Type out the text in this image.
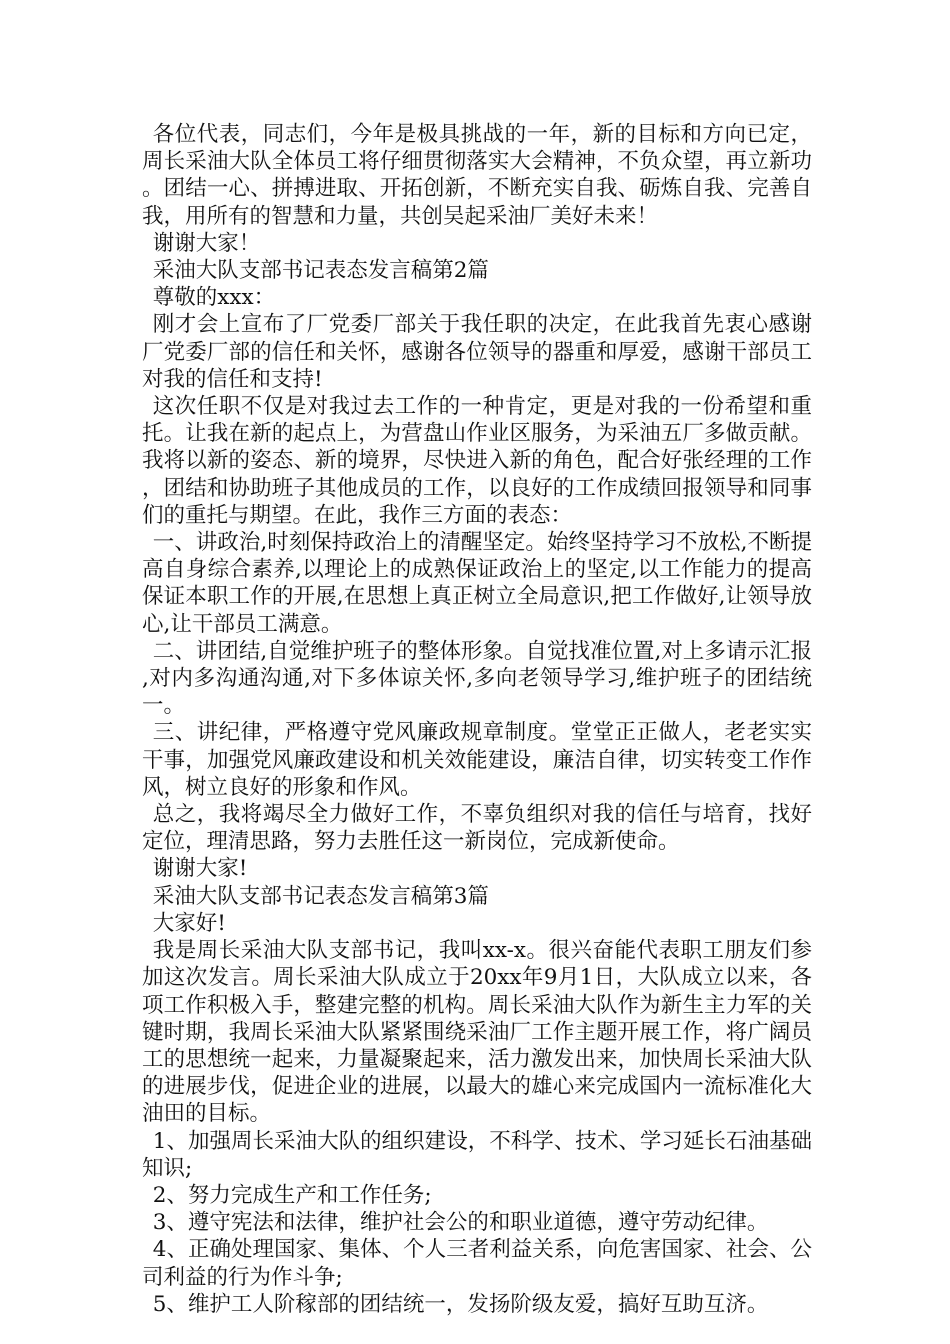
各位代表，同志们，今年是极具挑战的一年，新的目标和方向已定，周长采油大队全体员工将仔细贯彻落实大会精神，不负众望，再立新功。团结一心、拼搏进取、开拓创新，不断充实自我、砺炼自我、完善自我，用所有的智慧和力量，共创吴起采油厂美好未来！

谢谢大家！

采油大队支部书记表态发言稿第2篇

尊敬的xxx：

刚才会上宣布了厂党委厂部关于我任职的决定，在此我首先衷心感谢厂党委厂部的信任和关怀，感谢各位领导的器重和厚爱，感谢干部员工对我的信任和支持!

这次任职不仅是对我过去工作的一种肯定，更是对我的一份希望和重托。让我在新的起点上，为营盘山作业区服务，为采油五厂多做贡献。我将以新的姿态、新的境界，尽快进入新的角色，配合好张经理的工作，团结和协助班子其他成员的工作，以良好的工作成绩回报领导和同事们的重托与期望。在此，我作三方面的表态：

一、讲政治,时刻保持政治上的清醒坚定。始终坚持学习不放松,不断提高自身综合素养,以理论上的成熟保证政治上的坚定,以工作能力的提高保证本职工作的开展,在思想上真正树立全局意识,把工作做好,让领导放心,让干部员工满意。

二、讲团结,自觉维护班子的整体形象。自觉找准位置,对上多请示汇报,对内多沟通沟通,对下多体谅关怀,多向老领导学习,维护班子的团结统一。

三、讲纪律，严格遵守党风廉政规章制度。堂堂正正做人，老老实实干事，加强党风廉政建设和机关效能建设，廉洁自律，切实转变工作作风，树立良好的形象和作风。

总之，我将竭尽全力做好工作，不辜负组织对我的信任与培育，找好定位，理清思路，努力去胜任这一新岗位，完成新使命。

谢谢大家!

采油大队支部书记表态发言稿第3篇

大家好!

我是周长采油大队支部书记，我叫xx-x。很兴奋能代表职工朋友们参加这次发言。周长采油大队成立于20xx年9月1日，大队成立以来，各项工作积极入手，整建完整的机构。周长采油大队作为新生主力军的关键时期，我周长采油大队紧紧围绕采油厂工作主题开展工作，将广阔员工的思想统一起来，力量凝聚起来，活力激发出来，加快周长采油大队的进展步伐，促进企业的进展，以最大的雄心来完成国内一流标准化大油田的目标。

1、加强周长采油大队的组织建设，不科学、技术、学习延长石油基础知识;

2、努力完成生产和工作任务;

3、遵守宪法和法律，维护社会公的和职业道德，遵守劳动纪律。

4、正确处理国家、集体、个人三者利益关系，向危害国家、社会、公司利益的行为作斗争;

5、维护工人阶稼部的团结统一，发扬阶级友爱，搞好互助互济。
